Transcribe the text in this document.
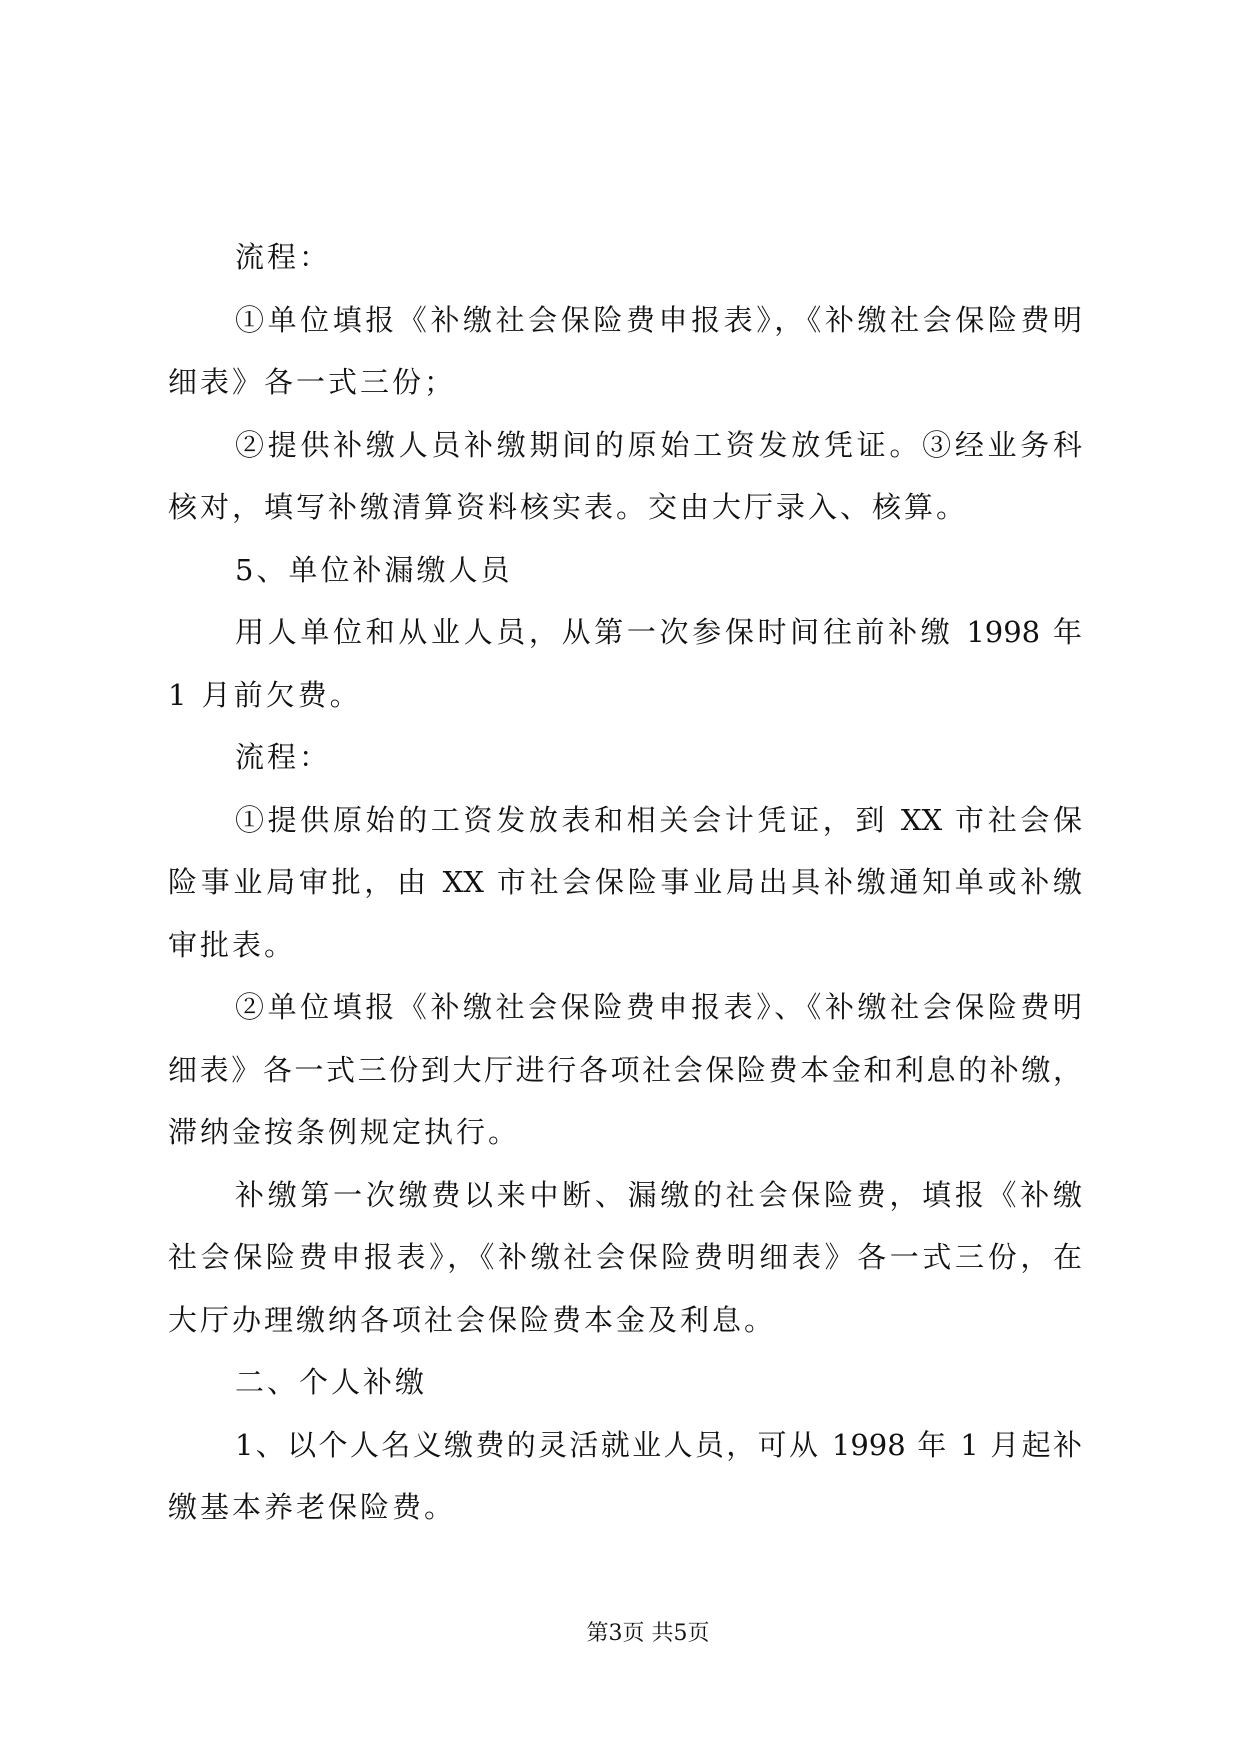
流程：
①单位填报《补缴社会保险费申报表》，《补缴社会保险费明
细表》各一式三份；
②提供补缴人员补缴期间的原始工资发放凭证。③经业务科
核对，填写补缴清算资料核实表。交由大厅录入、核算。
5、单位补漏缴人员
用人单位和从业人员，从第一次参保时间往前补缴 1998 年
1 月前欠费。
流程：
①提供原始的工资发放表和相关会计凭证，到 XX 市社会保
险事业局审批，由 XX 市社会保险事业局出具补缴通知单或补缴
审批表。
②单位填报《补缴社会保险费申报表》、《补缴社会保险费明
细表》各一式三份到大厅进行各项社会保险费本金和利息的补缴，
滞纳金按条例规定执行。
补缴第一次缴费以来中断、漏缴的社会保险费，填报《补缴
社会保险费申报表》，《补缴社会保险费明细表》各一式三份，在
大厅办理缴纳各项社会保险费本金及利息。
二、个人补缴
1、以个人名义缴费的灵活就业人员，可从 1998 年 1 月起补
缴基本养老保险费。
第3页 共5页
